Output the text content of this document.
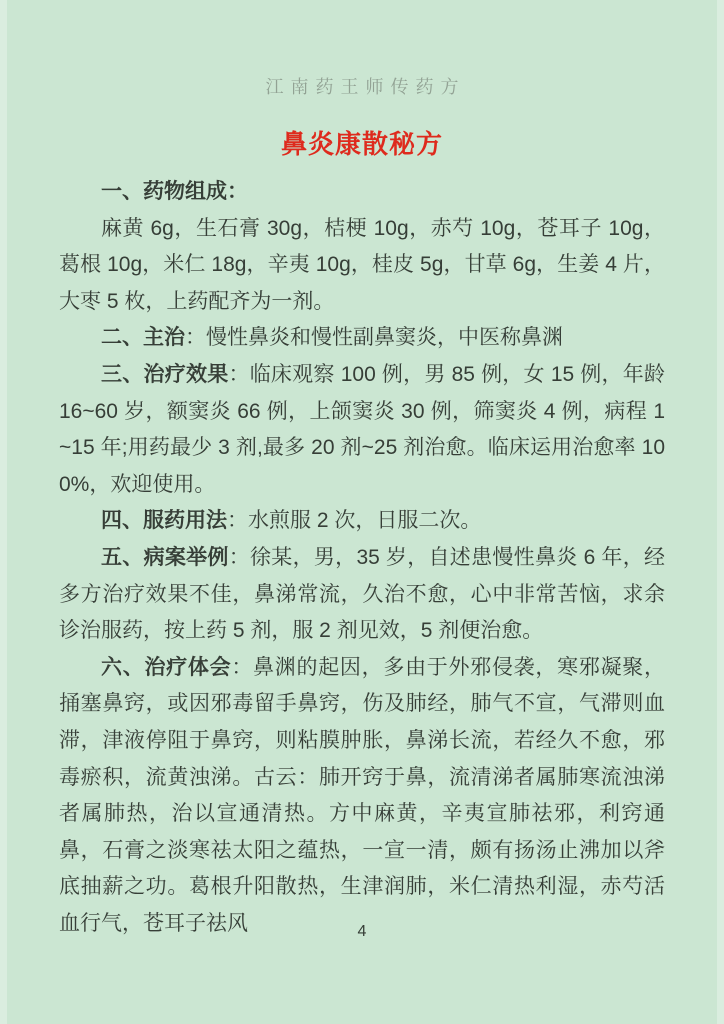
江南药王师传药方
鼻炎康散秘方

一、药物组成：

麻黄 6g，生石膏 30g，桔梗 10g，赤芍 10g，苍耳子 10g，葛根 10g，米仁 18g，辛夷 10g，桂皮 5g，甘草 6g，生姜 4 片，大枣 5 枚，上药配齐为一剂。

二、主治：慢性鼻炎和慢性副鼻窦炎，中医称鼻渊

三、治疗效果：临床观察 100 例，男 85 例，女 15 例，年龄 16~60 岁，额窦炎 66 例，上颌窦炎 30 例，筛窦炎 4 例，病程 1~15 年;用药最少 3 剂,最多 20 剂~25 剂治愈。临床运用治愈率 100%，欢迎使用。

四、服药用法：水煎服 2 次，日服二次。

五、病案举例：徐某，男，35 岁，自述患慢性鼻炎 6 年，经多方治疗效果不佳，鼻涕常流，久治不愈，心中非常苦恼，求余诊治服药，按上药 5 剂，服 2 剂见效，5 剂便治愈。

六、治疗体会：鼻渊的起因，多由于外邪侵袭，寒邪凝聚，捅塞鼻窍，或因邪毒留手鼻窍，伤及肺经，肺气不宣，气滞则血滞，津液停阻于鼻窍，则粘膜肿胀，鼻涕长流，若经久不愈，邪毒瘀积，流黄浊涕。古云：肺开窍于鼻，流清涕者属肺寒流浊涕者属肺热，治以宣通清热。方中麻黄，辛夷宣肺祛邪，利窍通鼻，石膏之淡寒祛太阳之蕴热，一宣一清，颇有扬汤止沸加以斧底抽薪之功。葛根升阳散热，生津润肺，米仁清热利湿，赤芍活血行气，苍耳子祛风	4
